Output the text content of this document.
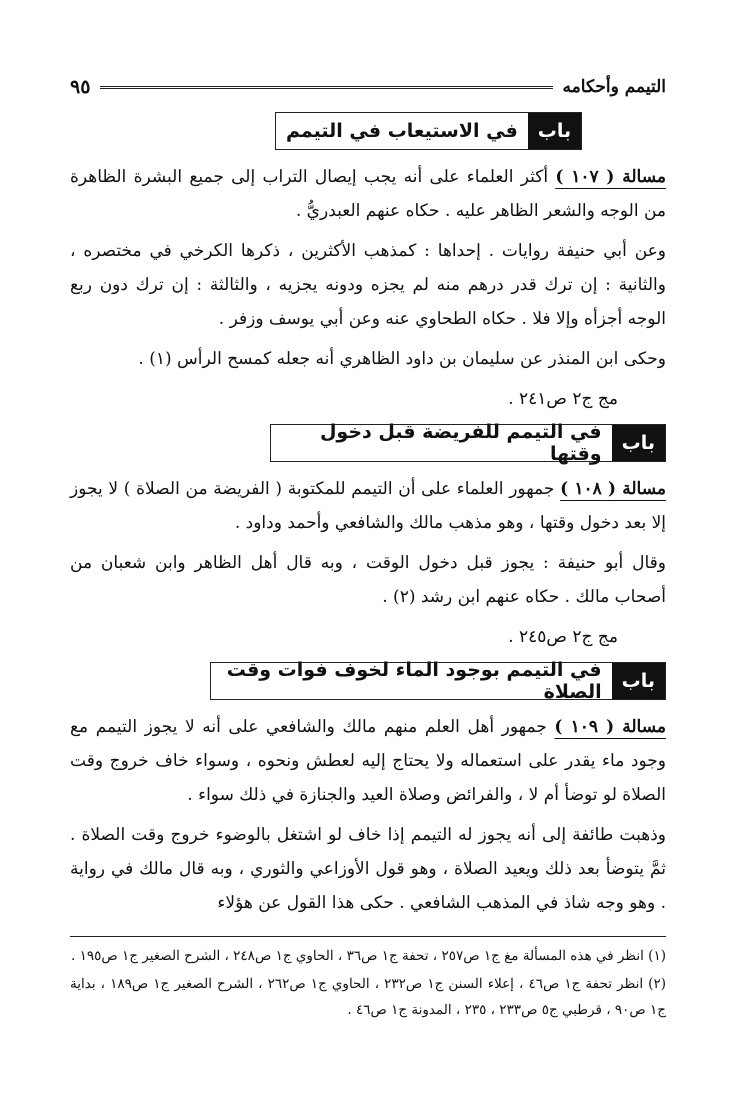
التيمم وأحكامه
٩٥
باب
في الاستيعاب في التيمم

مسالة ( ١٠٧ ) أكثر العلماء على أنه يجب إيصال التراب إلى جميع البشرة الظاهرة من الوجه والشعر الظاهر عليه . حكاه عنهم العبدريُّ .

وعن أبي حنيفة روايات . إحداها : كمذهب الأكثرين ، ذكرها الكرخي في مختصره ، والثانية : إن ترك قدر درهم منه لم يجزه ودونه يجزيه ، والثالثة : إن ترك دون ربع الوجه أجزأه وإلا فلا . حكاه الطحاوي عنه وعن أبي يوسف وزفر .

وحكى ابن المنذر عن سليمان بن داود الظاهري أنه جعله كمسح الرأس (١) .

مج ج٢ ص٢٤١ .

باب
في التيمم للفريضة قبل دخول وقتها

مسالة ( ١٠٨ ) جمهور العلماء على أن التيمم للمكتوبة ( الفريضة من الصلاة ) لا يجوز إلا بعد دخول وقتها ، وهو مذهب مالك والشافعي وأحمد وداود .

وقال أبو حنيفة : يجوز قبل دخول الوقت ، وبه قال أهل الظاهر وابن شعبان من أصحاب مالك . حكاه عنهم ابن رشد (٢) .

مج ج٢ ص٢٤٥ .

باب
في التيمم بوجود الماء لخوف فوات وقت الصلاة

مسالة ( ١٠٩ ) جمهور أهل العلم منهم مالك والشافعي على أنه لا يجوز التيمم مع وجود ماء يقدر على استعماله ولا يحتاج إليه لعطش ونحوه ، وسواء خاف خروج وقت الصلاة لو توضأ أم لا ، والفرائض وصلاة العيد والجنازة في ذلك سواء .

وذهبت طائفة إلى أنه يجوز له التيمم إذا خاف لو اشتغل بالوضوء خروج وقت الصلاة . ثمَّ يتوضأ بعد ذلك ويعيد الصلاة ، وهو قول الأوزاعي والثوري ، وبه قال مالك في رواية . وهو وجه شاذ في المذهب الشافعي . حكى هذا القول عن هؤلاء

(١) انظر في هذه المسألة مغ ج١ ص٢٥٧ ، تحفة ج١ ص٣٦ ، الحاوي ج١ ص٢٤٨ ، الشرح الصغير ج١ ص١٩٥ .

(٢) انظر تحفة ج١ ص٤٦ ، إعلاء السنن ج١ ص٢٣٢ ، الحاوي ج١ ص٢٦٢ ، الشرح الصغير ج١ ص١٨٩ ، بداية ج١ ص٩٠ ، قرطبي ج٥ ص٢٣٣ ، ٢٣٥ ، المدونة ج١ ص٤٦ .
